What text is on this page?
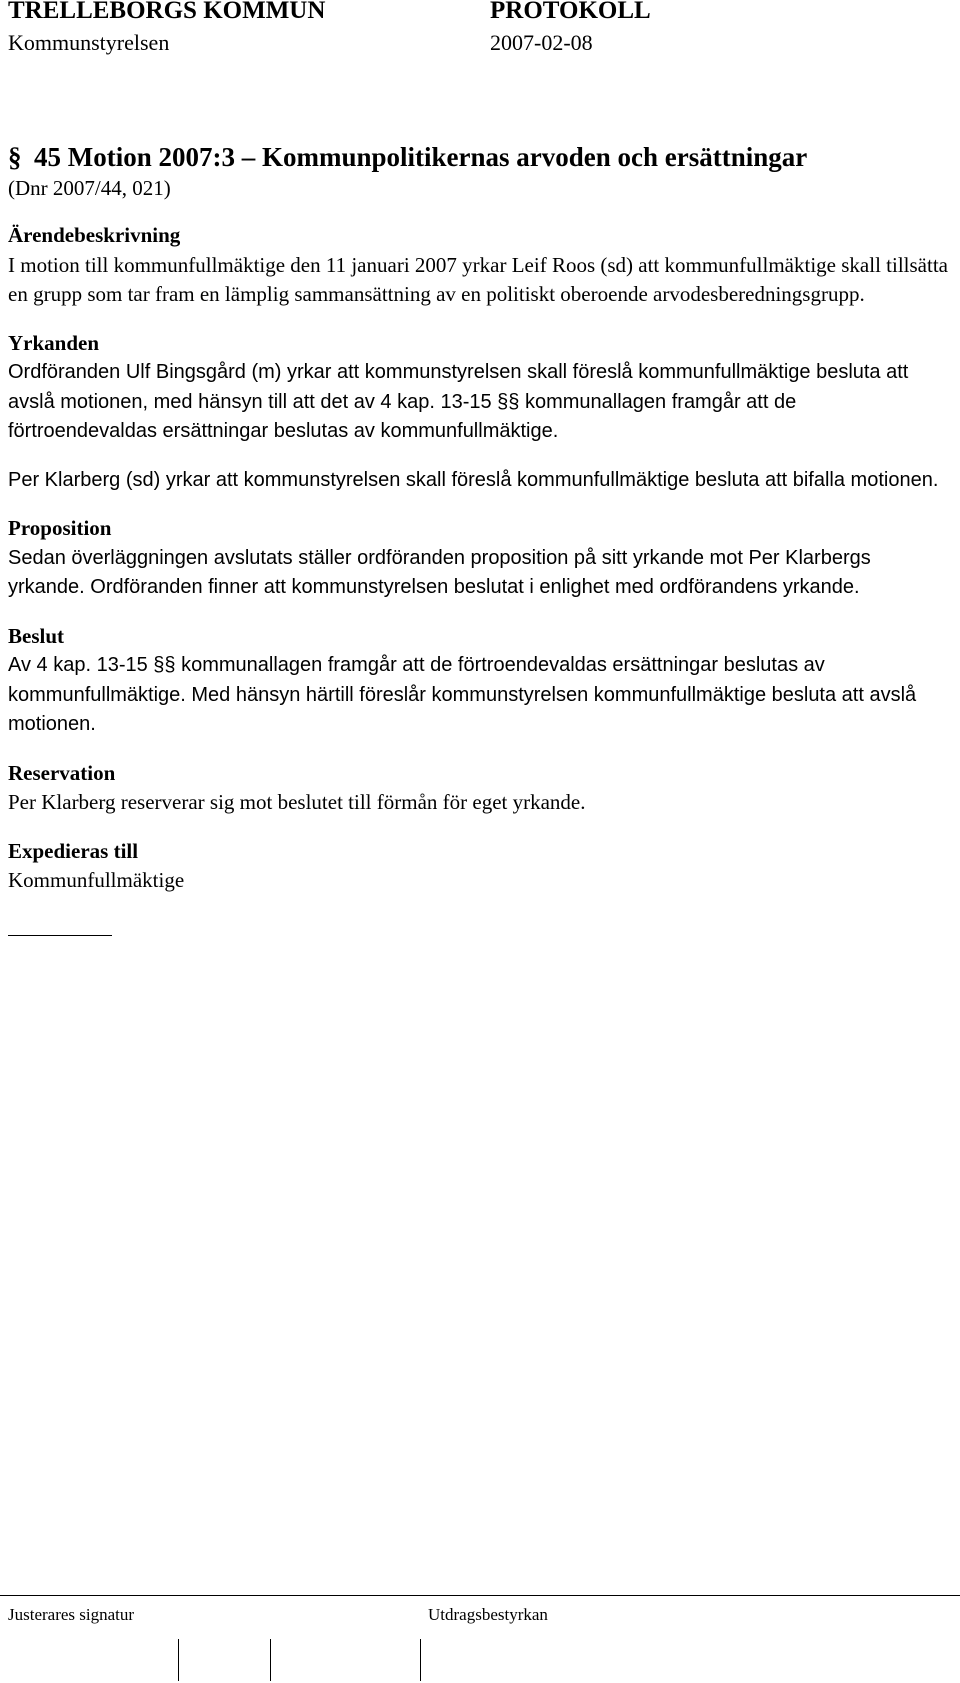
TRELLEBORGS KOMMUN	PROTOKOLL
Kommunstyrelsen	2007-02-08
§ 45 Motion 2007:3 – Kommunpolitikernas arvoden och ersättningar
(Dnr 2007/44, 021)
Ärendebeskrivning
I motion till kommunfullmäktige den 11 januari 2007 yrkar Leif Roos (sd) att kommunfullmäktige skall tillsätta en grupp som tar fram en lämplig sammansättning av en politiskt oberoende arvodesberedningsgrupp.
Yrkanden
Ordföranden Ulf Bingsgård (m) yrkar att kommunstyrelsen skall föreslå kommunfullmäktige besluta att avslå motionen, med hänsyn till att det av 4 kap. 13-15 §§ kommunallagen framgår att de förtroendevaldas ersättningar beslutas av kommunfullmäktige.
Per Klarberg (sd) yrkar att kommunstyrelsen skall föreslå kommunfullmäktige besluta att bifalla motionen.
Proposition
Sedan överläggningen avslutats ställer ordföranden proposition på sitt yrkande mot Per Klarbergs yrkande. Ordföranden finner att kommunstyrelsen beslutat i enlighet med ordförandens yrkande.
Beslut
Av 4 kap. 13-15 §§ kommunallagen framgår att de förtroendevaldas ersättningar beslutas av kommunfullmäktige. Med hänsyn härtill föreslår kommunstyrelsen kommunfullmäktige besluta att avslå motionen.
Reservation
Per Klarberg reserverar sig mot beslutet till förmån för eget yrkande.
Expedieras till
Kommunfullmäktige
Justerares signatur	Utdragsbestyrkan
